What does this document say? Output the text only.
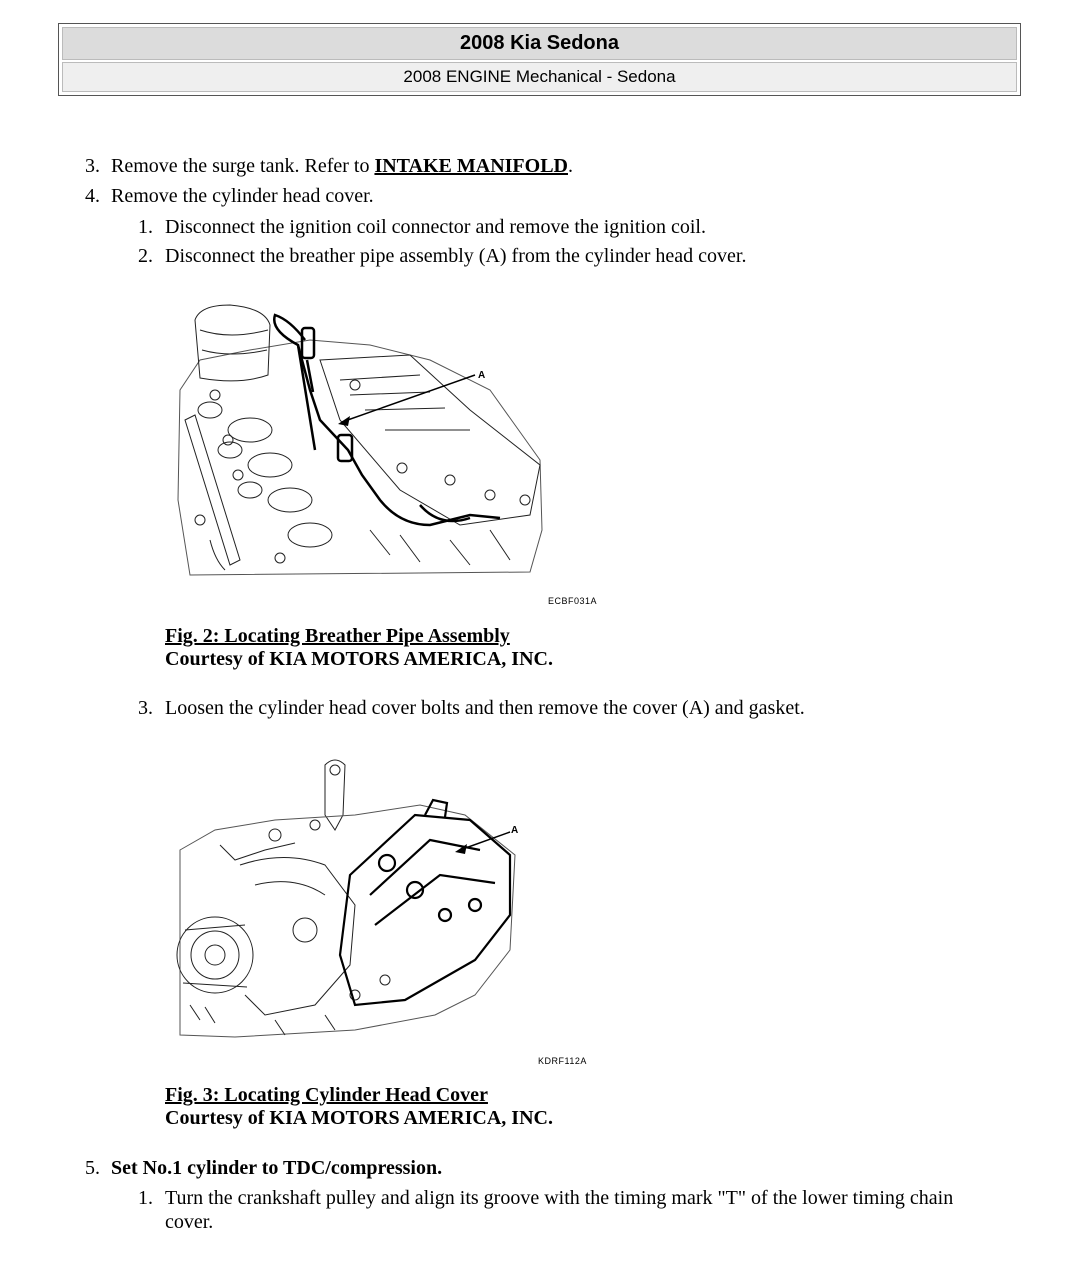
2008 Kia Sedona
2008 ENGINE Mechanical - Sedona
3. Remove the surge tank. Refer to INTAKE MANIFOLD.
4. Remove the cylinder head cover.
1. Disconnect the ignition coil connector and remove the ignition coil.
2. Disconnect the breather pipe assembly (A) from the cylinder head cover.
A
ECBF031A
Fig. 2: Locating Breather Pipe Assembly
Courtesy of KIA MOTORS AMERICA, INC.
3. Loosen the cylinder head cover bolts and then remove the cover (A) and gasket.
A
KDRF112A
Fig. 3: Locating Cylinder Head Cover
Courtesy of KIA MOTORS AMERICA, INC.
5. Set No.1 cylinder to TDC/compression.
1. Turn the crankshaft pulley and align its groove with the timing mark "T" of the lower timing chain
cover.
